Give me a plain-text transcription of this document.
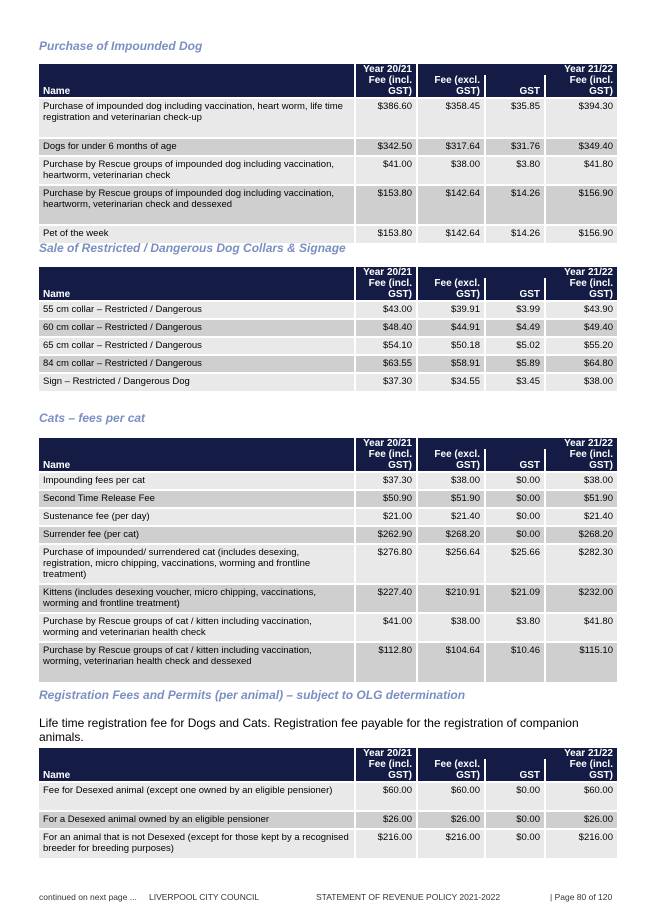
Purchase of Impounded Dog
Name	Year 20/21	Year 21/22		
	Fee (incl. GST)	Fee (excl. GST)	GST	Fee (incl. GST)
Purchase of impounded dog including vaccination, heart worm, life time registration and veterinarian check-up	$386.60	$358.45	$35.85	$394.30
Dogs for under 6 months of age	$342.50	$317.64	$31.76	$349.40
Purchase by Rescue groups of impounded dog including vaccination, heartworm, veterinarian check	$41.00	$38.00	$3.80	$41.80
Purchase by Rescue groups of impounded dog including vaccination, heartworm, veterinarian check and dessexed	$153.80	$142.64	$14.26	$156.90
Pet of the week	$153.80	$142.64	$14.26	$156.90
Sale of Restricted / Dangerous Dog Collars & Signage
Name	Year 20/21	Year 21/22		
	Fee (incl. GST)	Fee (excl. GST)	GST	Fee (incl. GST)
55 cm collar – Restricted / Dangerous	$43.00	$39.91	$3.99	$43.90
60 cm collar – Restricted / Dangerous	$48.40	$44.91	$4.49	$49.40
65 cm collar – Restricted / Dangerous	$54.10	$50.18	$5.02	$55.20
84 cm collar – Restricted / Dangerous	$63.55	$58.91	$5.89	$64.80
Sign – Restricted / Dangerous Dog	$37.30	$34.55	$3.45	$38.00
Cats – fees per cat
Name	Year 20/21	Year 21/22		
	Fee (incl. GST)	Fee (excl. GST)	GST	Fee (incl. GST)
Impounding fees per cat	$37.30	$38.00	$0.00	$38.00
Second Time Release Fee	$50.90	$51.90	$0.00	$51.90
Sustenance fee (per day)	$21.00	$21.40	$0.00	$21.40
Surrender fee (per cat)	$262.90	$268.20	$0.00	$268.20
Purchase of impounded/ surrendered cat (includes desexing, registration, micro chipping, vaccinations, worming and frontline treatment)	$276.80	$256.64	$25.66	$282.30
Kittens (includes desexing voucher, micro chipping, vaccinations, worming and frontline treatment)	$227.40	$210.91	$21.09	$232.00
Purchase by Rescue groups of cat / kitten including vaccination, worming and veterinarian health check	$41.00	$38.00	$3.80	$41.80
Purchase by Rescue groups of cat / kitten including vaccination, worming, veterinarian health check and dessexed	$112.80	$104.64	$10.46	$115.10
Registration Fees and Permits (per animal) – subject to OLG determination
Life time registration fee for Dogs and Cats. Registration fee payable for the registration of companion animals.
Name	Year 20/21	Year 21/22		
	Fee (incl. GST)	Fee (excl. GST)	GST	Fee (incl. GST)
Fee for Desexed animal (except one owned by an eligible pensioner)	$60.00	$60.00	$0.00	$60.00
For a Desexed animal owned by an eligible pensioner	$26.00	$26.00	$0.00	$26.00
For an animal that is not Desexed (except for those kept by a recognised breeder for breeding purposes)	$216.00	$216.00	$0.00	$216.00
continued on next page ... LIVERPOOL CITY COUNCIL	STATEMENT OF REVENUE POLICY 2021-2022	| Page 80 of 120
